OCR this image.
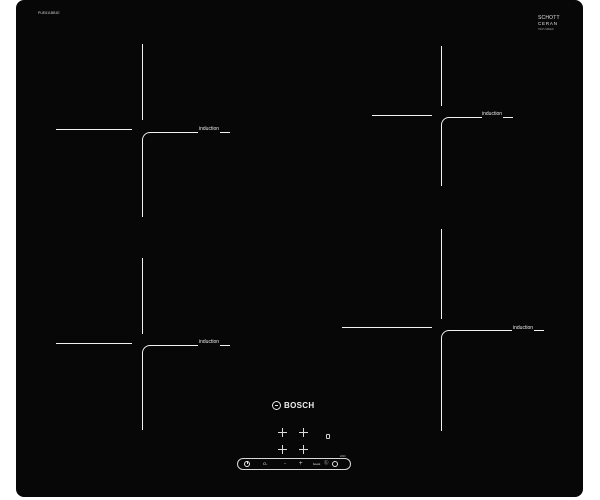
PUE611BB1E
SCHOTT
CERAN
HIGH-SPEED
induction
induction
induction
induction
BOSCH
O-	− +	boost ⓑ
2000
